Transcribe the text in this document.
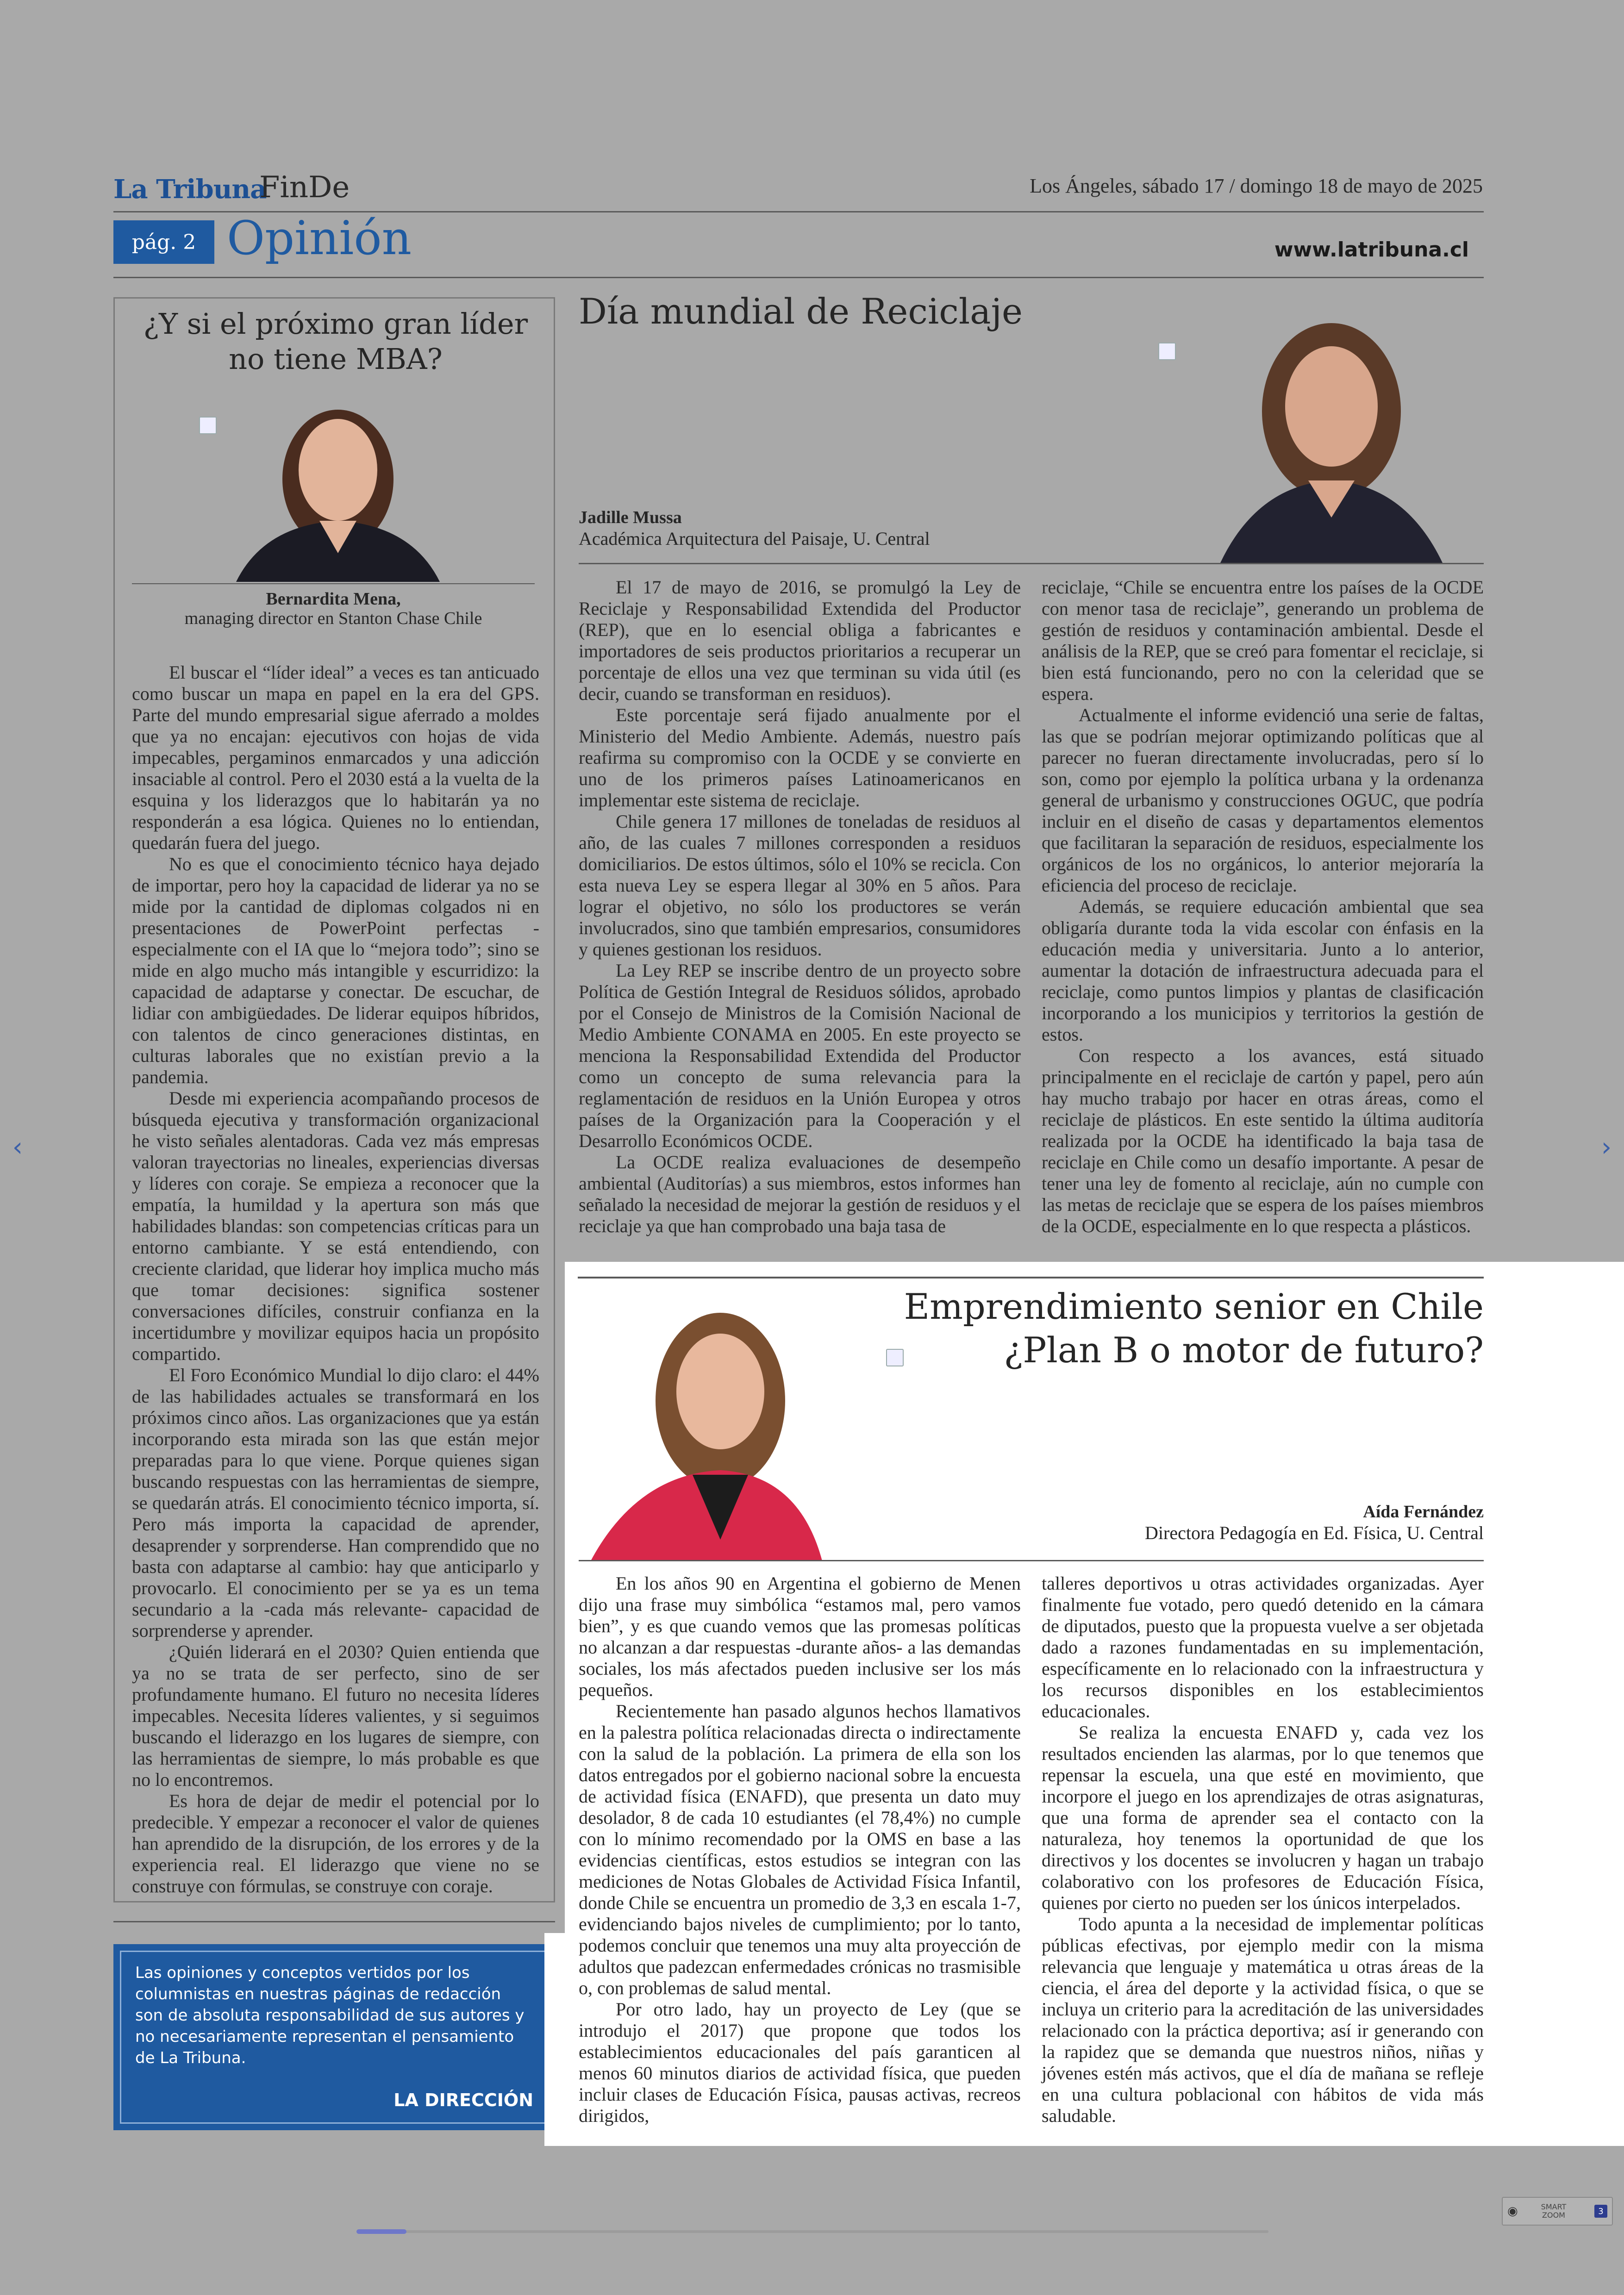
La Tribuna
FinDe	Los Ángeles, sábado 17 / domingo 18 de mayo de 2025
pág. 2 Opinión	www.latribuna.cl
¿Y si el próximo gran líder no tiene MBA?
Bernardita Mena,
managing director en Stanton Chase Chile

El buscar el “líder ideal” a veces es tan anticuado como buscar un mapa en papel en la era del GPS. Parte del mundo empresarial sigue aferrado a moldes que ya no encajan: ejecutivos con hojas de vida impecables, pergaminos enmarcados y una adicción insaciable al control. Pero el 2030 está a la vuelta de la esquina y los liderazgos que lo habitarán ya no responderán a esa lógica. Quienes no lo entiendan, quedarán fuera del juego.

No es que el conocimiento técnico haya dejado de importar, pero hoy la capacidad de liderar ya no se mide por la cantidad de diplomas colgados ni en presentaciones de PowerPoint perfectas -especialmente con el IA que lo “mejora todo”; sino se mide en algo mucho más intangible y escurridizo: la capacidad de adaptarse y conectar. De escuchar, de lidiar con ambigüedades. De liderar equipos híbridos, con talentos de cinco generaciones distintas, en culturas laborales que no existían previo a la pandemia.

Desde mi experiencia acompañando procesos de búsqueda ejecutiva y transformación organizacional he visto señales alentadoras. Cada vez más empresas valoran trayectorias no lineales, experiencias diversas y líderes con coraje. Se empieza a reconocer que la empatía, la humildad y la apertura son más que habilidades blandas: son competencias críticas para un entorno cambiante. Y se está entendiendo, con creciente claridad, que liderar hoy implica mucho más que tomar decisiones: significa sostener conversaciones difíciles, construir confianza en la incertidumbre y movilizar equipos hacia un propósito compartido.

El Foro Económico Mundial lo dijo claro: el 44% de las habilidades actuales se transformará en los próximos cinco años. Las organizaciones que ya están incorporando esta mirada son las que están mejor preparadas para lo que viene. Porque quienes sigan buscando respuestas con las herramientas de siempre, se quedarán atrás. El conocimiento técnico importa, sí. Pero más importa la capacidad de aprender, desaprender y sorprenderse. Han comprendido que no basta con adaptarse al cambio: hay que anticiparlo y provocarlo. El conocimiento per se ya es un tema secundario a la -cada más relevante- capacidad de sorprenderse y aprender.

¿Quién liderará en el 2030? Quien entienda que ya no se trata de ser perfecto, sino de ser profundamente humano. El futuro no necesita líderes impecables. Necesita líderes valientes, y si seguimos buscando el liderazgo en los lugares de siempre, con las herramientas de siempre, lo más probable es que no lo encontremos.

Es hora de dejar de medir el potencial por lo predecible. Y empezar a reconocer el valor de quienes han aprendido de la disrupción, de los errores y de la experiencia real. El liderazgo que viene no se construye con fórmulas, se construye con coraje.

Las opiniones y conceptos vertidos por los columnistas en nuestras páginas de redacción son de absoluta responsabilidad de sus autores y no necesariamente representan el pensamiento de La Tribuna.
LA DIRECCIÓN
Día mundial de Reciclaje
Jadille Mussa
Académica Arquitectura del Paisaje, U. Central

El 17 de mayo de 2016, se promulgó la Ley de Reciclaje y Responsabilidad Extendida del Productor (REP), que en lo esencial obliga a fabricantes e importadores de seis productos prioritarios a recuperar un porcentaje de ellos una vez que terminan su vida útil (es decir, cuando se transforman en residuos).

Este porcentaje será fijado anualmente por el Ministerio del Medio Ambiente. Además, nuestro país reafirma su compromiso con la OCDE y se convierte en uno de los primeros países Latinoamericanos en implementar este sistema de reciclaje.

Chile genera 17 millones de toneladas de residuos al año, de las cuales 7 millones corresponden a residuos domiciliarios. De estos últimos, sólo el 10% se recicla. Con esta nueva Ley se espera llegar al 30% en 5 años. Para lograr el objetivo, no sólo los productores se verán involucrados, sino que también empresarios, consumidores y quienes gestionan los residuos.

La Ley REP se inscribe dentro de un proyecto sobre Política de Gestión Integral de Residuos sólidos, aprobado por el Consejo de Ministros de la Comisión Nacional de Medio Ambiente CONAMA en 2005. En este proyecto se menciona la Responsabilidad Extendida del Productor como un concepto de suma relevancia para la reglamentación de residuos en la Unión Europea y otros países de la Organización para la Cooperación y el Desarrollo Económicos OCDE.

La OCDE realiza evaluaciones de desempeño ambiental (Auditorías) a sus miembros, estos informes han señalado la necesidad de mejorar la gestión de residuos y el reciclaje ya que han comprobado una baja tasa de

reciclaje, “Chile se encuentra entre los países de la OCDE con menor tasa de reciclaje”, generando un problema de gestión de residuos y contaminación ambiental. Desde el análisis de la REP, que se creó para fomentar el reciclaje, si bien está funcionando, pero no con la celeridad que se espera.

Actualmente el informe evidenció una serie de faltas, las que se podrían mejorar optimizando políticas que al parecer no fueran directamente involucradas, pero sí lo son, como por ejemplo la política urbana y la ordenanza general de urbanismo y construcciones OGUC, que podría incluir en el diseño de casas y departamentos elementos que facilitaran la separación de residuos, especialmente los orgánicos de los no orgánicos, lo anterior mejoraría la eficiencia del proceso de reciclaje.

Además, se requiere educación ambiental que sea obligaría durante toda la vida escolar con énfasis en la educación media y universitaria. Junto a lo anterior, aumentar la dotación de infraestructura adecuada para el reciclaje, como puntos limpios y plantas de clasificación incorporando a los municipios y territorios la gestión de estos.

Con respecto a los avances, está situado principalmente en el reciclaje de cartón y papel, pero aún hay mucho trabajo por hacer en otras áreas, como el reciclaje de plásticos. En este sentido la última auditoría realizada por la OCDE ha identificado la baja tasa de reciclaje en Chile como un desafío importante. A pesar de tener una ley de fomento al reciclaje, aún no cumple con las metas de reciclaje que se espera de los países miembros de la OCDE, especialmente en lo que respecta a plásticos.

Emprendimiento senior en Chile
¿Plan B o motor de futuro?
Aída Fernández
Directora Pedagogía en Ed. Física, U. Central

En los años 90 en Argentina el gobierno de Menen dijo una frase muy simbólica “estamos mal, pero vamos bien”, y es que cuando vemos que las promesas políticas no alcanzan a dar respuestas -durante años- a las demandas sociales, los más afectados pueden inclusive ser los más pequeños.

Recientemente han pasado algunos hechos llamativos en la palestra política relacionadas directa o indirectamente con la salud de la población. La primera de ella son los datos entregados por el gobierno nacional sobre la encuesta de actividad física (ENAFD), que presenta un dato muy desolador, 8 de cada 10 estudiantes (el 78,4%) no cumple con lo mínimo recomendado por la OMS en base a las evidencias científicas, estos estudios se integran con las mediciones de Notas Globales de Actividad Física Infantil, donde Chile se encuentra un promedio de 3,3 en escala 1-7, evidenciando bajos niveles de cumplimiento; por lo tanto, podemos concluir que tenemos una muy alta proyección de adultos que padezcan enfermedades crónicas no trasmisible o, con problemas de salud mental.

Por otro lado, hay un proyecto de Ley (que se introdujo el 2017) que propone que todos los establecimientos educacionales del país garanticen al menos 60 minutos diarios de actividad física, que pueden incluir clases de Educación Física, pausas activas, recreos dirigidos,

talleres deportivos u otras actividades organizadas. Ayer finalmente fue votado, pero quedó detenido en la cámara de diputados, puesto que la propuesta vuelve a ser objetada dado a razones fundamentadas en su implementación, específicamente en lo relacionado con la infraestructura y los recursos disponibles en los establecimientos educacionales.

Se realiza la encuesta ENAFD y, cada vez los resultados encienden las alarmas, por lo que tenemos que repensar la escuela, una que esté en movimiento, que incorpore el juego en los aprendizajes de otras asignaturas, que una forma de aprender sea el contacto con la naturaleza, hoy tenemos la oportunidad de que los directivos y los docentes se involucren y hagan un trabajo colaborativo con los profesores de Educación Física, quienes por cierto no pueden ser los únicos interpelados.

Todo apunta a la necesidad de implementar políticas públicas efectivas, por ejemplo medir con la misma relevancia que lenguaje y matemática u otras áreas de la ciencia, el área del deporte y la actividad física, o que se incluya un criterio para la acreditación de las universidades relacionado con la práctica deportiva; así ir generando con la rapidez que se demanda que nuestros niños, niñas y jóvenes estén más activos, que el día de mañana se refleje en una cultura poblacional con hábitos de vida más saludable.

‹	›
◉	SMART
ZOOM	3
